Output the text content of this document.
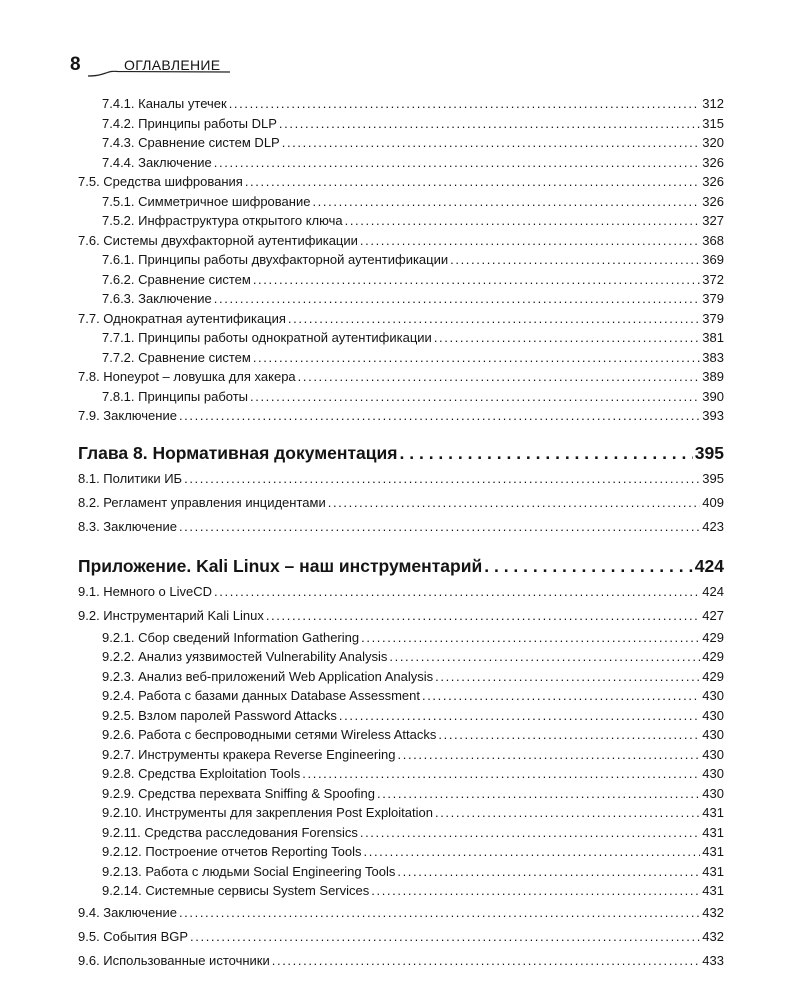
8	ОГЛАВЛЕНИЕ
7.4.1. Каналы утечек . . .	312
7.4.2. Принципы работы DLP . . .	315
7.4.3. Сравнение систем DLP . . .	320
7.4.4. Заключение . . .	326
7.5. Средства шифрования . . .	326
7.5.1. Симметричное шифрование . . .	326
7.5.2. Инфраструктура открытого ключа . . .	327
7.6. Системы двухфакторной аутентификации . . .	368
7.6.1. Принципы работы двухфакторной аутентификации . . .	369
7.6.2. Сравнение систем . . .	372
7.6.3. Заключение . . .	379
7.7. Однократная аутентификация . . .	379
7.7.1. Принципы работы однократной аутентификации . . .	381
7.7.2. Сравнение систем . . .	383
7.8. Honeypot – ловушка для хакера . . .	389
7.8.1. Принципы работы . . .	390
7.9. Заключение . . .	393
Глава 8. Нормативная документация . . .	395
8.1. Политики ИБ . . .	395
8.2. Регламент управления инцидентами . . .	409
8.3. Заключение . . .	423
Приложение. Kali Linux – наш инструментарий . . .	424
9.1. Немного о LiveCD . . .	424
9.2. Инструментарий Kali Linux . . .	427
9.2.1. Сбор сведений Information Gathering . . .	429
9.2.2. Анализ уязвимостей Vulnerability Analysis . . .	429
9.2.3. Анализ веб-приложений Web Application Analysis . . .	429
9.2.4. Работа с базами данных Database Assessment . . .	430
9.2.5. Взлом паролей Password Attacks . . .	430
9.2.6. Работа с беспроводными сетями Wireless Attacks . . .	430
9.2.7. Инструменты кракера Reverse Engineering . . .	430
9.2.8. Средства Exploitation Tools . . .	430
9.2.9. Средства перехвата Sniffing & Spoofing . . .	430
9.2.10. Инструменты для закрепления Post Exploitation . . .	431
9.2.11. Средства расследования Forensics . . .	431
9.2.12. Построение отчетов Reporting Tools . . .	431
9.2.13. Работа с людьми Social Engineering Tools . . .	431
9.2.14. Системные сервисы System Services . . .	431
9.4. Заключение . . .	432
9.5. События BGP . . .	432
9.6. Использованные источники . . .	433
